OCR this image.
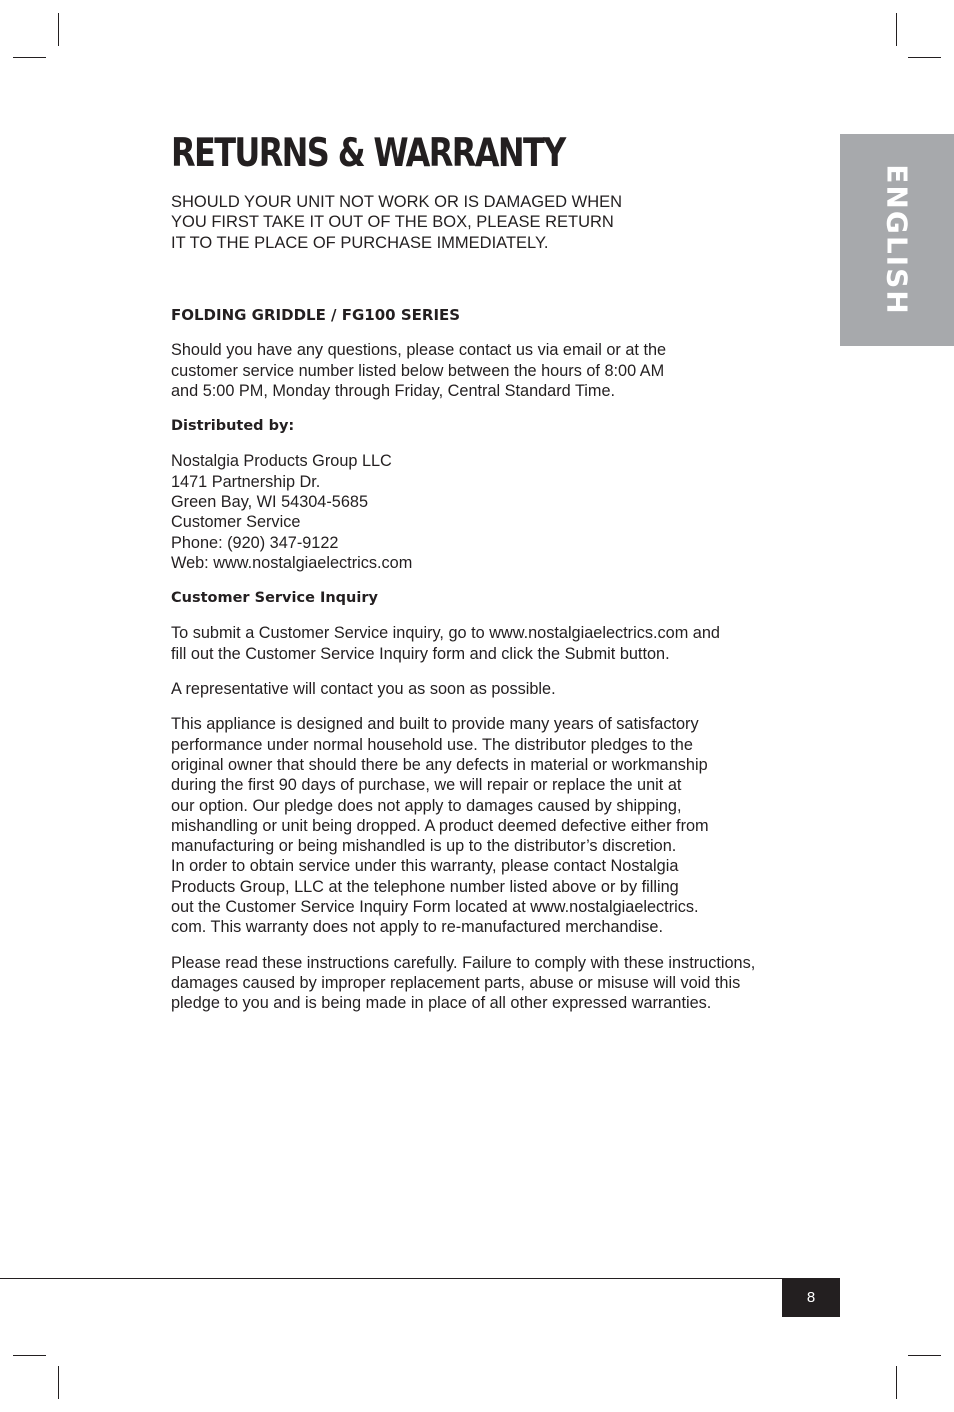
ENGLISH
RETURNS & WARRANTY

SHOULD YOUR UNIT NOT WORK OR IS DAMAGED WHEN
YOU FIRST TAKE IT OUT OF THE BOX, PLEASE RETURN
IT TO THE PLACE OF PURCHASE IMMEDIATELY.

FOLDING GRIDDLE / FG100 SERIES

Should you have any questions, please contact us via email or at the
customer service number listed below between the hours of 8:00 AM
and 5:00 PM, Monday through Friday, Central Standard Time.

Distributed by:

Nostalgia Products Group LLC
1471 Partnership Dr.
Green Bay, WI 54304-5685
Customer Service
Phone: (920) 347-9122
Web: www.nostalgiaelectrics.com

Customer Service Inquiry

To submit a Customer Service inquiry, go to www.nostalgiaelectrics.com and
fill out the Customer Service Inquiry form and click the Submit button.

A representative will contact you as soon as possible.

This appliance is designed and built to provide many years of satisfactory
performance under normal household use. The distributor pledges to the
original owner that should there be any defects in material or workmanship
during the first 90 days of purchase, we will repair or replace the unit at
our option. Our pledge does not apply to damages caused by shipping,
mishandling or unit being dropped. A product deemed defective either from
manufacturing or being mishandled is up to the distributor’s discretion.
In order to obtain service under this warranty, please contact Nostalgia
Products Group, LLC at the telephone number listed above or by filling
out the Customer Service Inquiry Form located at www.nostalgiaelectrics.
com. This warranty does not apply to re-manufactured merchandise.

Please read these instructions carefully. Failure to comply with these instructions,
damages caused by improper replacement parts, abuse or misuse will void this
pledge to you and is being made in place of all other expressed warranties.

8
